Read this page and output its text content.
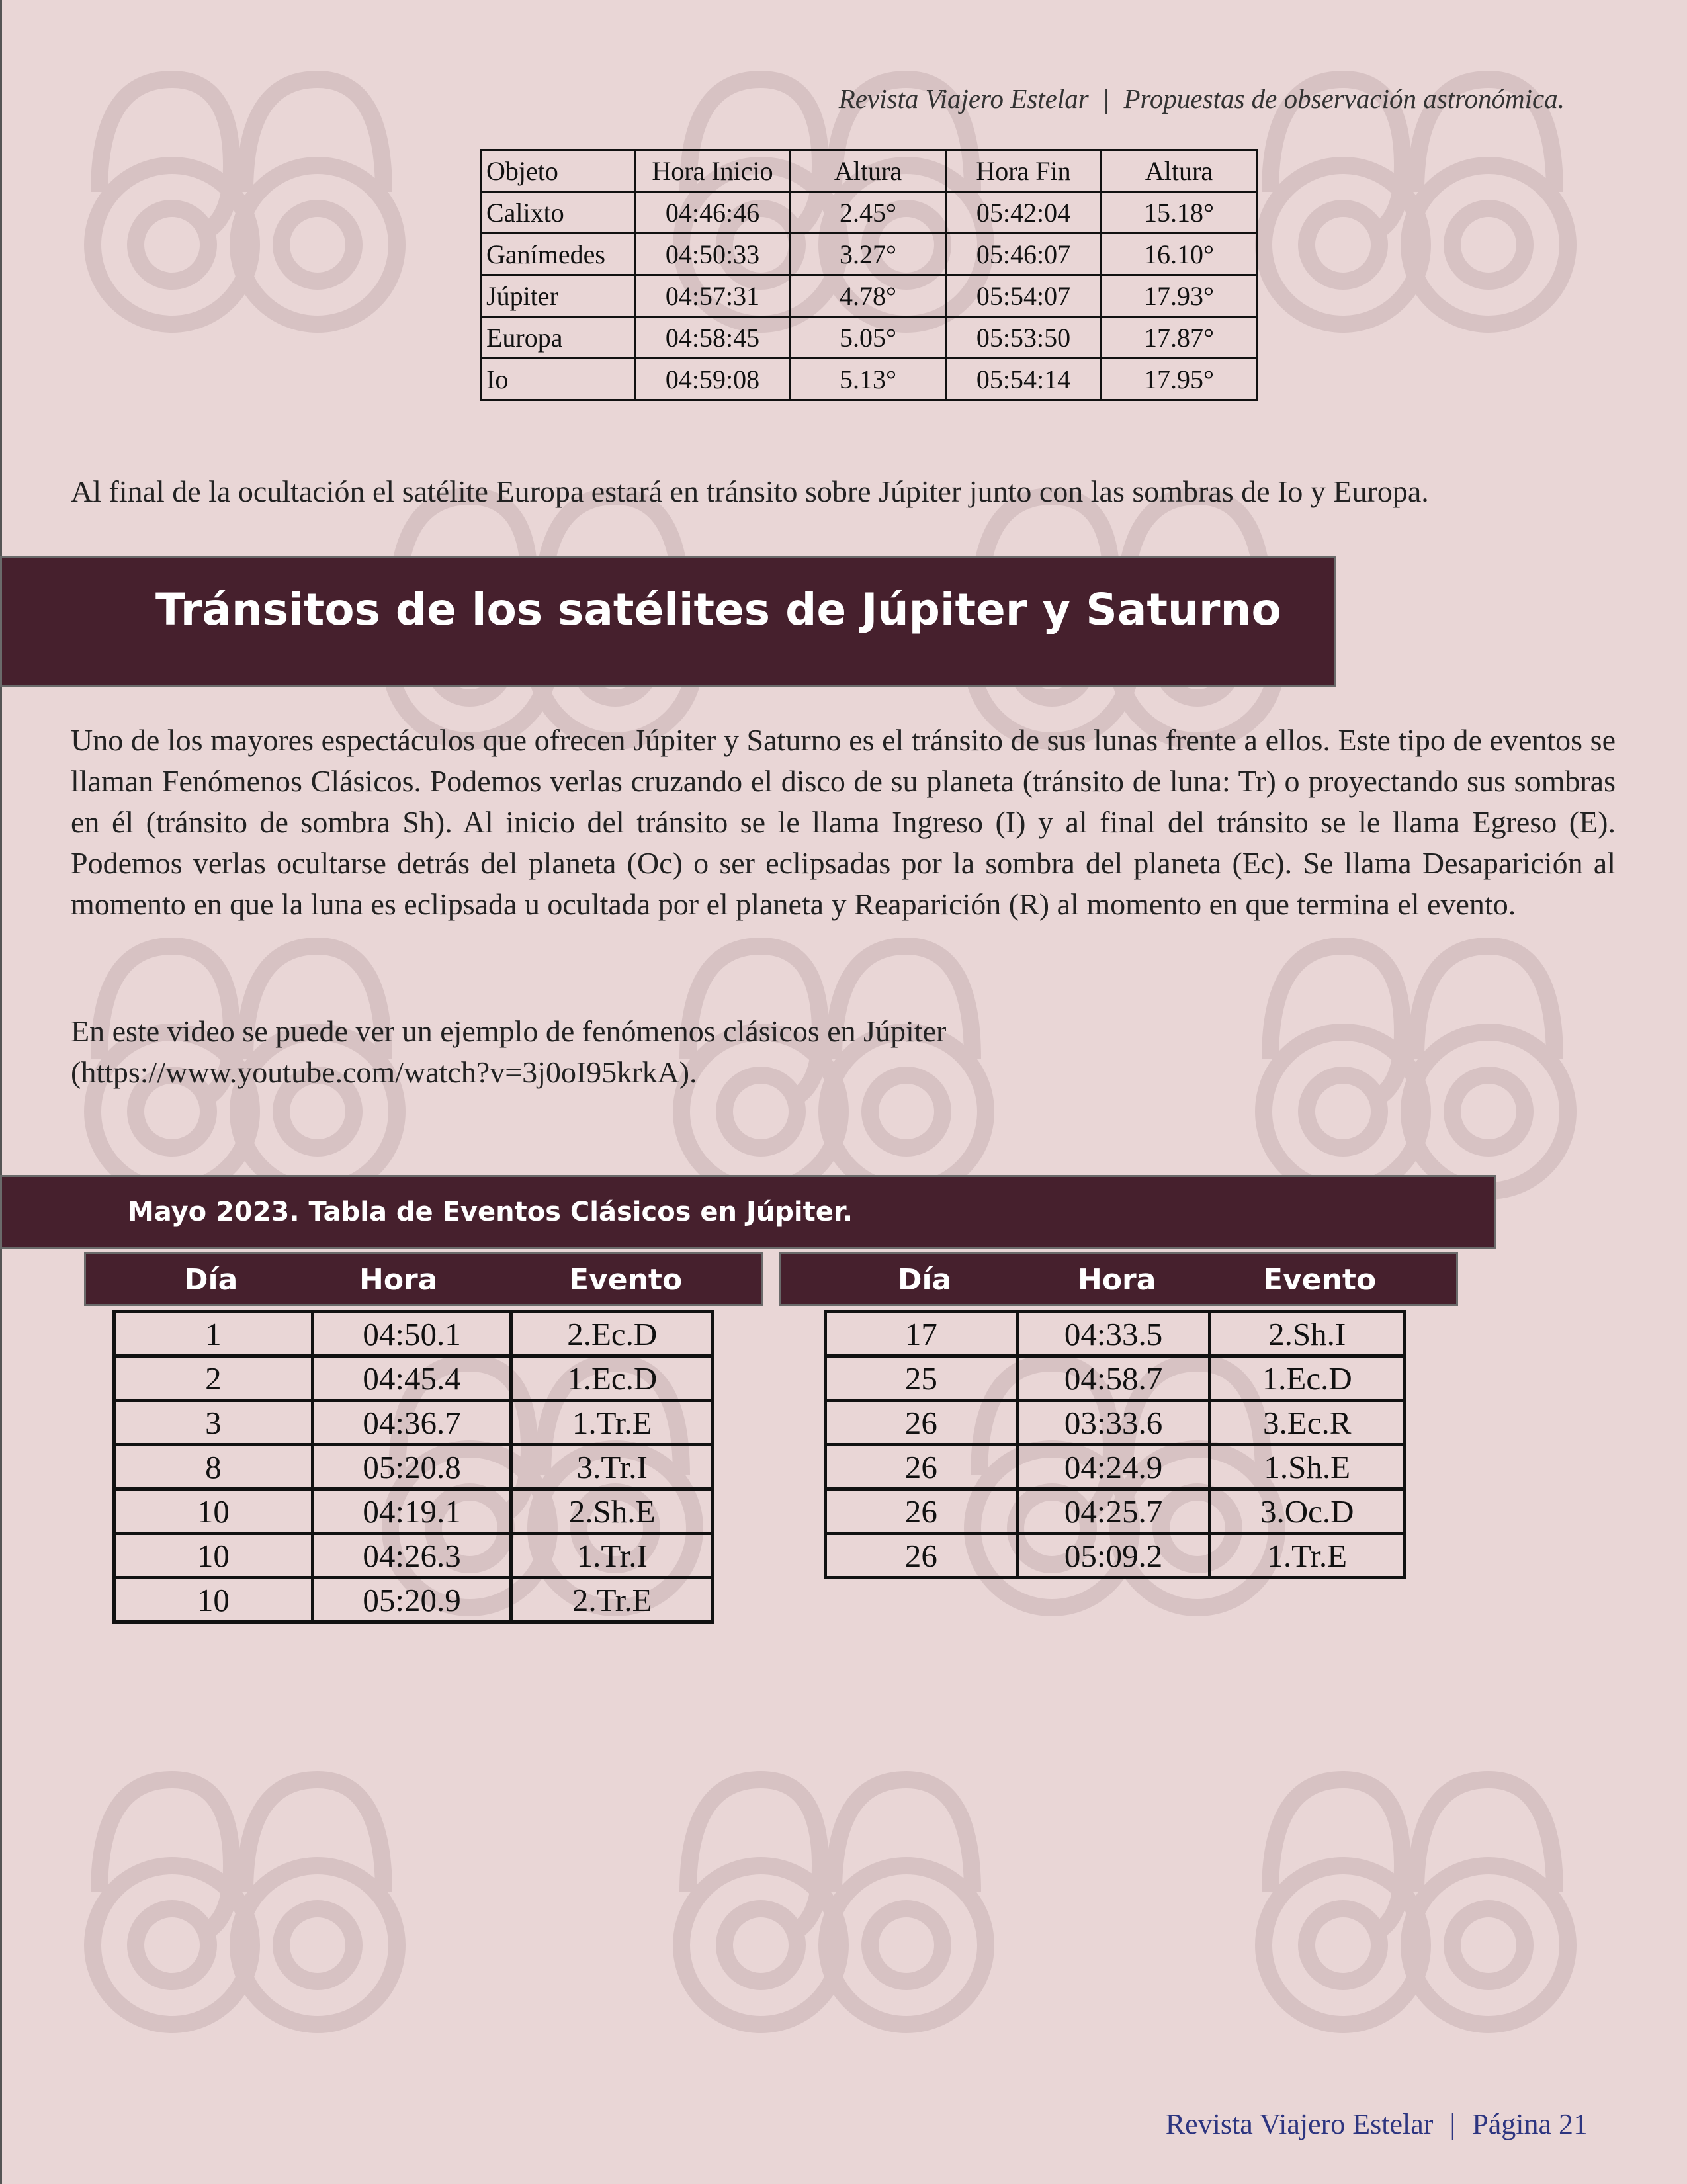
Revista Viajero Estelar | Propuestas de observación astronómica.
Objeto	Hora Inicio	Altura	Hora Fin	Altura
Calixto	04:46:46	2.45°	05:42:04	15.18°
Ganímedes	04:50:33	3.27°	05:46:07	16.10°
Júpiter	04:57:31	4.78°	05:54:07	17.93°
Europa	04:58:45	5.05°	05:53:50	17.87°
Io	04:59:08	5.13°	05:54:14	17.95°

Al final de la ocultación el satélite Europa estará en tránsito sobre Júpiter junto con las sombras de Io y Europa.

Tránsitos de los satélites de Júpiter y Saturno

Uno de los mayores espectáculos que ofrecen Júpiter y Saturno es el tránsito de sus lunas frente a ellos. Este tipo de eventos se llaman Fenómenos Clásicos. Podemos verlas cruzando el disco de su planeta (tránsito de luna: Tr) o proyectando sus sombras en él (tránsito de sombra Sh). Al inicio del tránsito se le llama Ingreso (I) y al final del tránsito se le llama Egreso (E). Podemos verlas ocultarse detrás del planeta (Oc) o ser eclipsadas por la sombra del planeta (Ec). Se llama Desaparición al momento en que la luna es eclipsada u ocultada por el planeta y Reaparición (R) al momento en que termina el evento.

En este video se puede ver un ejemplo de fenómenos clásicos en Júpiter
(https://www.youtube.com/watch?v=3j0oI95krkA).
Mayo 2023. Tabla de Eventos Clásicos en Júpiter.
Día	Hora	Evento	Día	Hora	Evento
1	04:50.1	2.Ec.D
2	04:45.4	1.Ec.D
3	04:36.7	1.Tr.E
8	05:20.8	3.Tr.I
10	04:19.1	2.Sh.E
10	04:26.3	1.Tr.I
10	05:20.9	2.Tr.E
17	04:33.5	2.Sh.I
25	04:58.7	1.Ec.D
26	03:33.6	3.Ec.R
26	04:24.9	1.Sh.E
26	04:25.7	3.Oc.D
26	05:09.2	1.Tr.E
Revista Viajero Estelar | Página 21
